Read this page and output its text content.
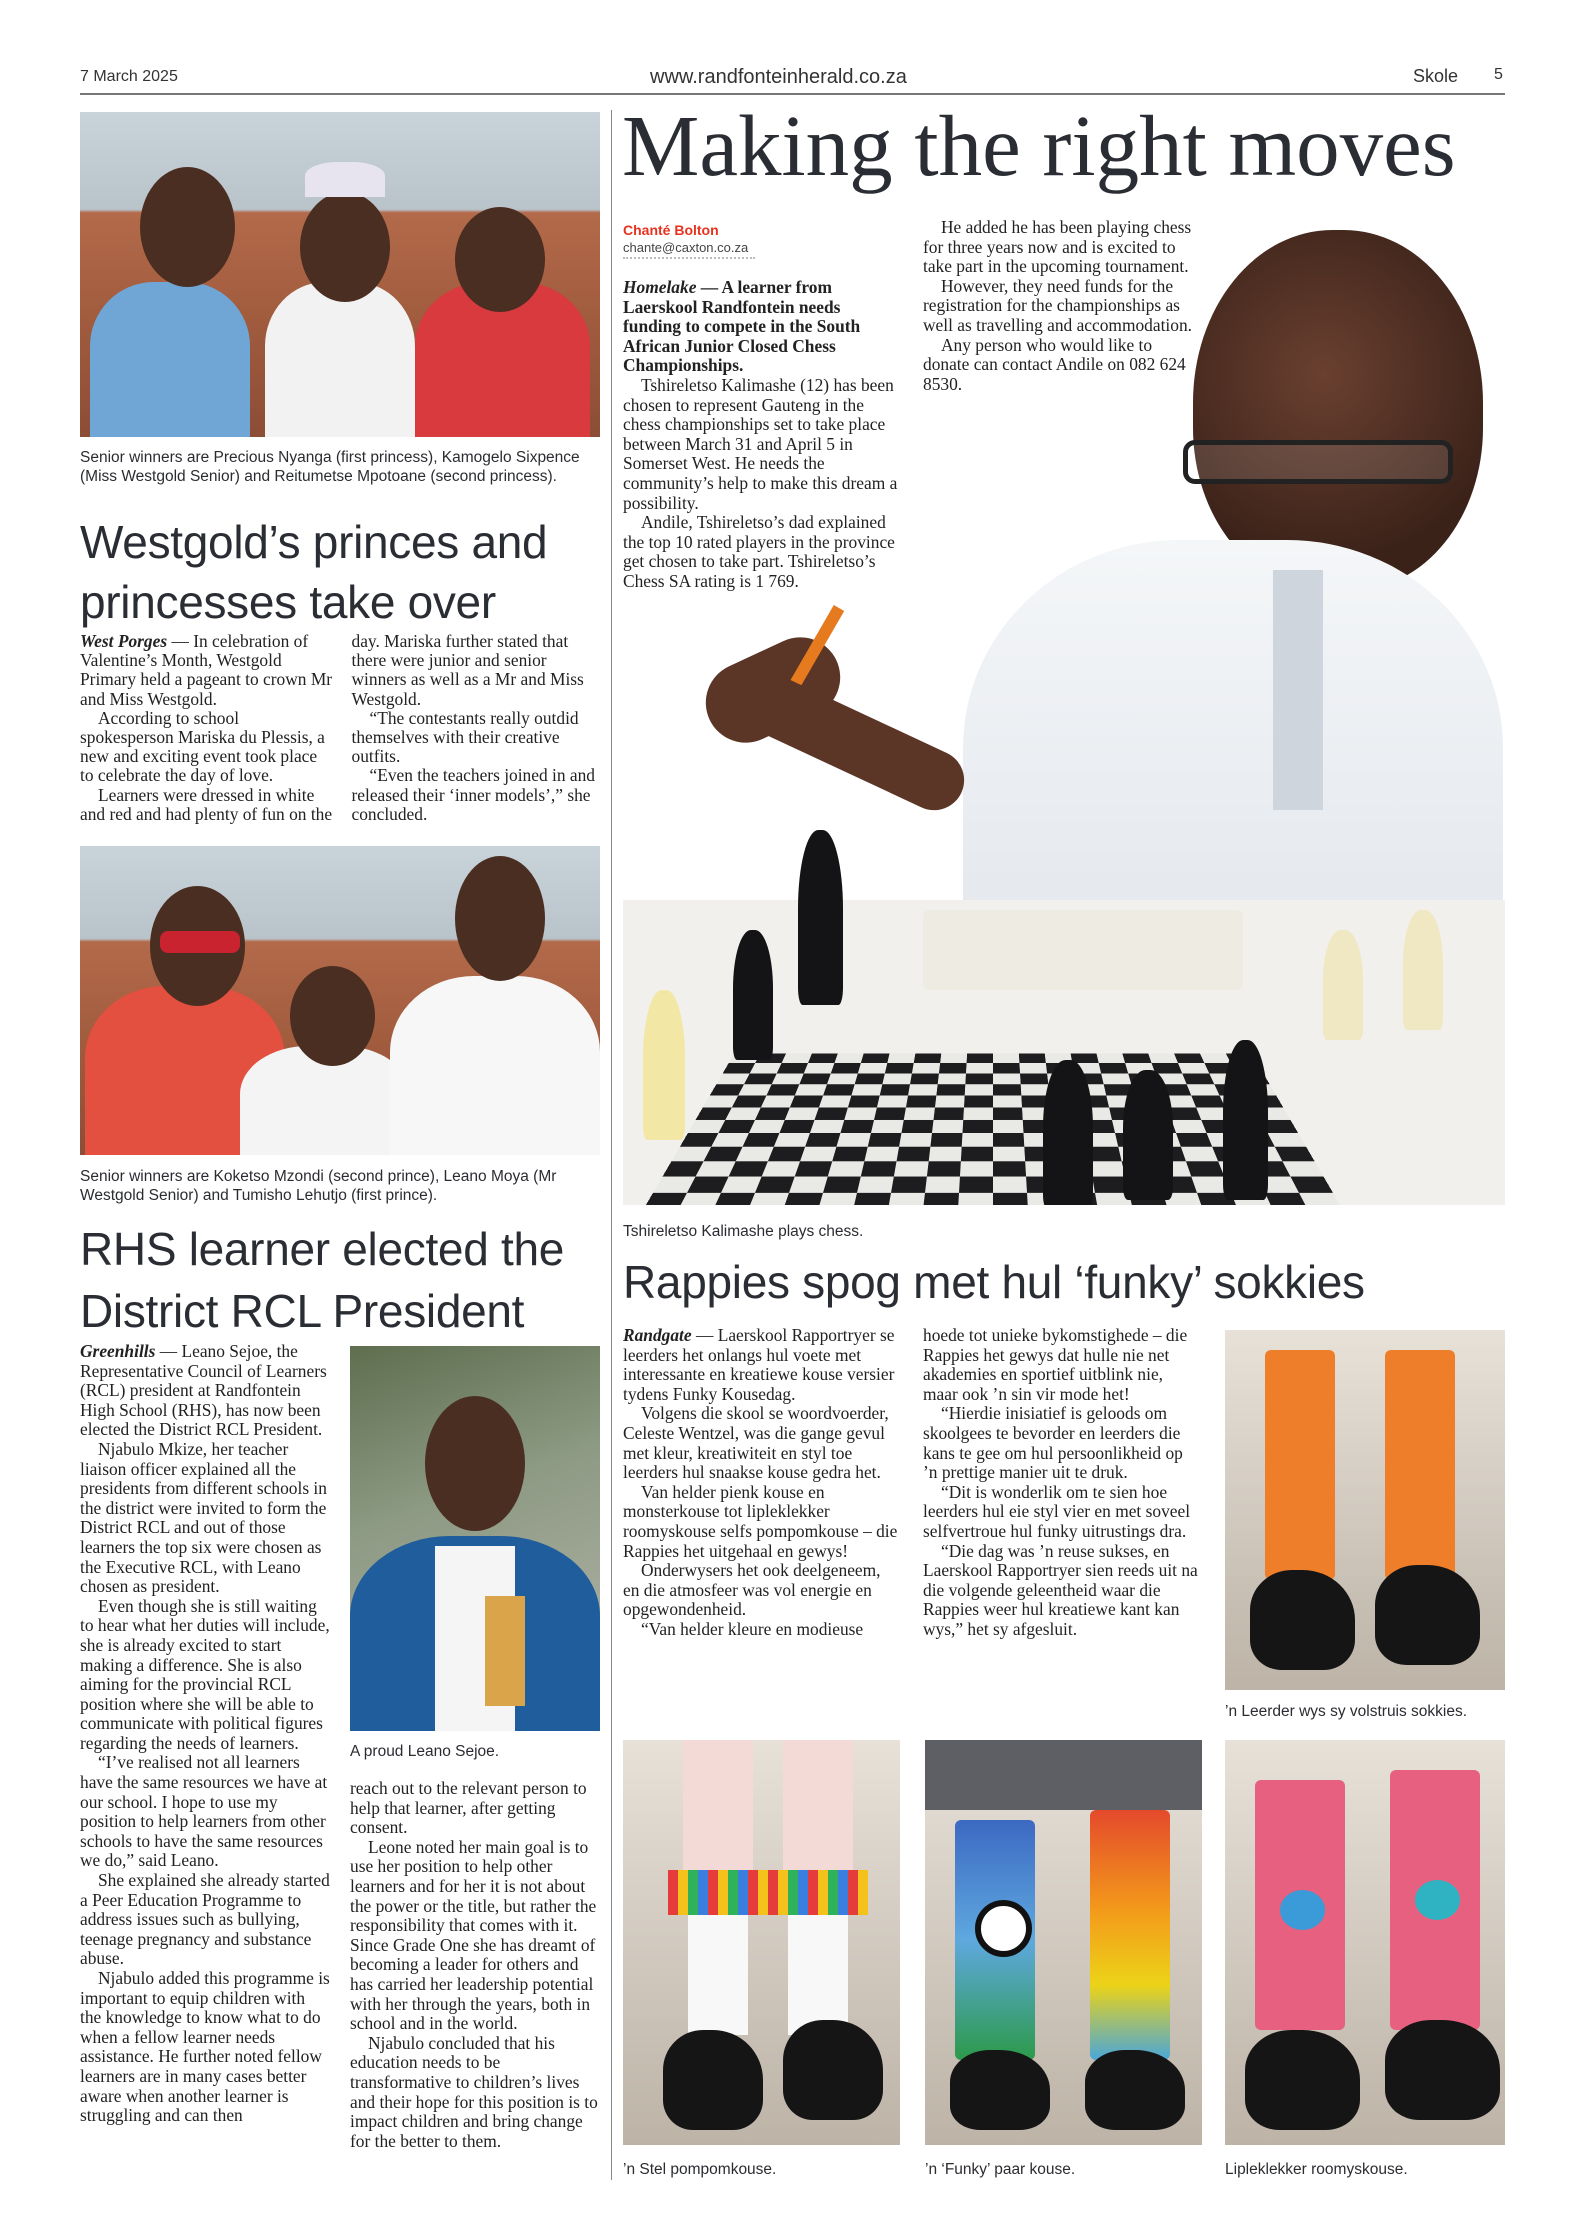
7 March 2025	www.randfonteinherald.co.za	Skole 5
Senior winners are Precious Nyanga (first princess), Kamogelo Sixpence (Miss Westgold Senior) and Reitumetse Mpotoane (second princess).
Westgold’s princes and princesses take over

West Porges — In celebration of Valentine’s Month, Westgold Primary held a pageant to crown Mr and Miss Westgold.

According to school spokesperson Mariska du Plessis, a new and exciting event took place to celebrate the day of love.

Learners were dressed in white and red and had plenty of fun on the day. Mariska further stated that there were junior and senior winners as well as a Mr and Miss Westgold.

“The contestants really outdid themselves with their creative outfits.

“Even the teachers joined in and released their ‘inner models’,” she concluded.

Senior winners are Koketso Mzondi (second prince), Leano Moya (Mr Westgold Senior) and Tumisho Lehutjo (first prince).
RHS learner elected the District RCL President

Greenhills — Leano Sejoe, the Representative Council of Learners (RCL) president at Randfontein High School (RHS), has now been elected the District RCL President.

Njabulo Mkize, her teacher liaison officer explained all the presidents from different schools in the district were invited to form the District RCL and out of those learners the top six were chosen as the Executive RCL, with Leano chosen as president.

Even though she is still waiting to hear what her duties will include, she is already excited to start making a difference. She is also aiming for the provincial RCL position where she will be able to communicate with political figures regarding the needs of learners.

“I’ve realised not all learners have the same resources we have at our school. I hope to use my position to help learners from other schools to have the same resources we do,” said Leano.

She explained she already started a Peer Education Programme to address issues such as bullying, teenage pregnancy and substance abuse.

Njabulo added this programme is important to equip children with the knowledge to know what to do when a fellow learner needs assistance. He further noted fellow learners are in many cases better aware when another learner is struggling and can then

A proud Leano Sejoe.

reach out to the relevant person to help that learner, after getting consent.

Leone noted her main goal is to use her position to help other learners and for her it is not about the power or the title, but rather the responsibility that comes with it. Since Grade One she has dreamt of becoming a leader for others and has carried her leadership potential with her through the years, both in school and in the world.

Njabulo concluded that his education needs to be transformative to children’s lives and their hope for this position is to impact children and bring change for the better to them.

Making the right moves
Chanté Bolton
chante@caxton.co.za

Homelake — A learner from Laerskool Randfontein needs funding to compete in the South African Junior Closed Chess Championships.

Tshireletso Kalimashe (12) has been chosen to represent Gauteng in the chess championships set to take place between March 31 and April 5 in Somerset West. He needs the community’s help to make this dream a possibility.

Andile, Tshireletso’s dad explained the top 10 rated players in the province get chosen to take part. Tshireletso’s Chess SA rating is 1 769.

He added he has been playing chess for three years now and is excited to take part in the upcoming tournament.

However, they need funds for the registration for the championships as well as travelling and accommodation.

Any person who would like to donate can contact Andile on 082 624 8530.

Tshireletso Kalimashe plays chess.
Rappies spog met hul ‘funky’ sokkies

Randgate — Laerskool Rapportryer se leerders het onlangs hul voete met interessante en kreatiewe kouse versier tydens Funky Kousedag.

Volgens die skool se woordvoerder, Celeste Wentzel, was die gange gevul met kleur, kreatiwiteit en styl toe leerders hul snaakse kouse gedra het.

Van helder pienk kouse en monsterkouse tot lipleklekker roomyskouse selfs pompomkouse – die Rappies het uitgehaal en gewys!

Onderwysers het ook deelgeneem, en die atmosfeer was vol energie en opgewondenheid.

“Van helder kleure en modieuse

hoede tot unieke bykomstighede – die Rappies het gewys dat hulle nie net akademies en sportief uitblink nie, maar ook ’n sin vir mode het!

“Hierdie inisiatief is geloods om skoolgees te bevorder en leerders die kans te gee om hul persoonlikheid op ’n prettige manier uit te druk.

“Dit is wonderlik om te sien hoe leerders hul eie styl vier en met soveel selfvertroue hul funky uitrustings dra.

“Die dag was ’n reuse sukses, en Laerskool Rapportryer sien reeds uit na die volgende geleentheid waar die Rappies weer hul kreatiewe kant kan wys,” het sy afgesluit.

’n Leerder wys sy volstruis sokkies.
’n Stel pompomkouse.	’n ‘Funky’ paar kouse.	Lipleklekker roomyskouse.
